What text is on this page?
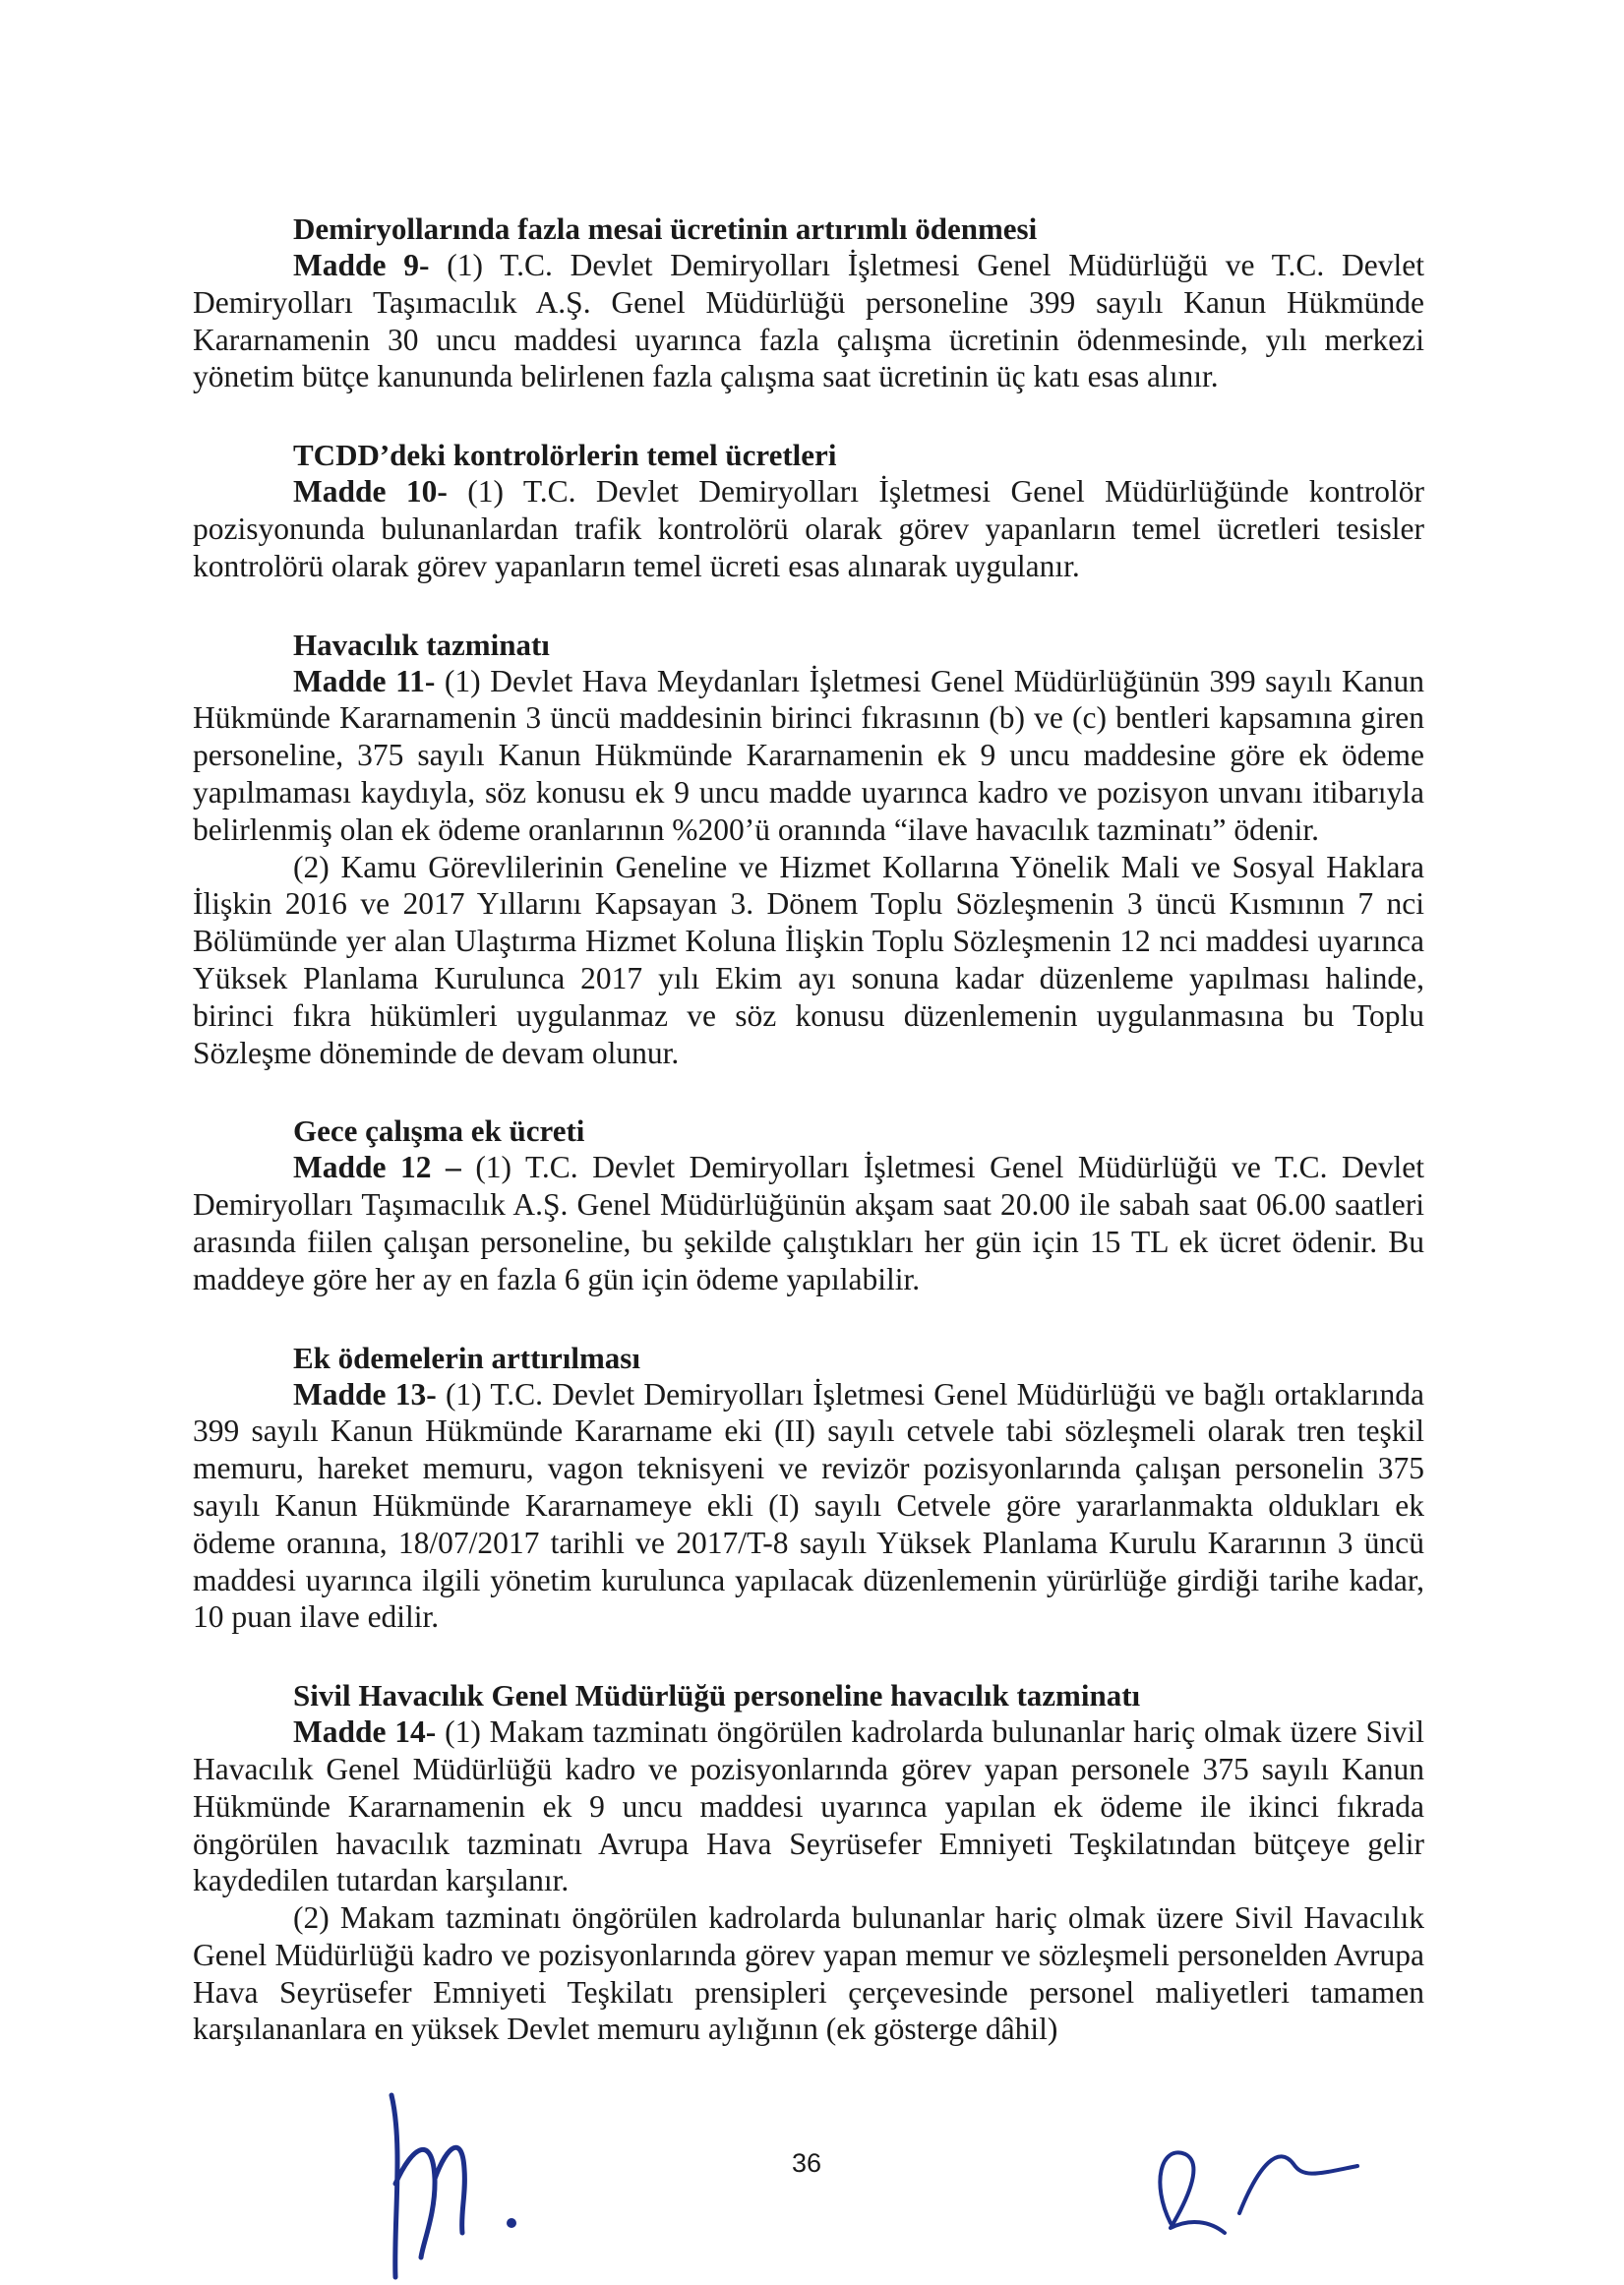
Demiryollarında fazla mesai ücretinin artırımlı ödenmesi

Madde 9- (1) T.C. Devlet Demiryolları İşletmesi Genel Müdürlüğü ve T.C. Devlet Demiryolları Taşımacılık A.Ş. Genel Müdürlüğü personeline 399 sayılı Kanun Hükmünde Kararnamenin 30 uncu maddesi uyarınca fazla çalışma ücretinin ödenmesinde, yılı merkezi yönetim bütçe kanununda belirlenen fazla çalışma saat ücretinin üç katı esas alınır.

TCDD’deki kontrolörlerin temel ücretleri

Madde 10- (1) T.C. Devlet Demiryolları İşletmesi Genel Müdürlüğünde kontrolör pozisyonunda bulunanlardan trafik kontrolörü olarak görev yapanların temel ücretleri tesisler kontrolörü olarak görev yapanların temel ücreti esas alınarak uygulanır.

Havacılık tazminatı

Madde 11- (1) Devlet Hava Meydanları İşletmesi Genel Müdürlüğünün 399 sayılı Kanun Hükmünde Kararnamenin 3 üncü maddesinin birinci fıkrasının (b) ve (c) bentleri kapsamına giren personeline, 375 sayılı Kanun Hükmünde Kararnamenin ek 9 uncu maddesine göre ek ödeme yapılmaması kaydıyla, söz konusu ek 9 uncu madde uyarınca kadro ve pozisyon unvanı itibarıyla belirlenmiş olan ek ödeme oranlarının %200’ü oranında “ilave havacılık tazminatı” ödenir.

(2) Kamu Görevlilerinin Geneline ve Hizmet Kollarına Yönelik Mali ve Sosyal Haklara İlişkin 2016 ve 2017 Yıllarını Kapsayan 3. Dönem Toplu Sözleşmenin 3 üncü Kısmının 7 nci Bölümünde yer alan Ulaştırma Hizmet Koluna İlişkin Toplu Sözleşmenin 12 nci maddesi uyarınca Yüksek Planlama Kurulunca 2017 yılı Ekim ayı sonuna kadar düzenleme yapılması halinde, birinci fıkra hükümleri uygulanmaz ve söz konusu düzenlemenin uygulanmasına bu Toplu Sözleşme döneminde de devam olunur.

Gece çalışma ek ücreti

Madde 12 – (1) T.C. Devlet Demiryolları İşletmesi Genel Müdürlüğü ve T.C. Devlet Demiryolları Taşımacılık A.Ş. Genel Müdürlüğünün akşam saat 20.00 ile sabah saat 06.00 saatleri arasında fiilen çalışan personeline, bu şekilde çalıştıkları her gün için 15 TL ek ücret ödenir. Bu maddeye göre her ay en fazla 6 gün için ödeme yapılabilir.

Ek ödemelerin arttırılması

Madde 13- (1) T.C. Devlet Demiryolları İşletmesi Genel Müdürlüğü ve bağlı ortaklarında 399 sayılı Kanun Hükmünde Kararname eki (II) sayılı cetvele tabi sözleşmeli olarak tren teşkil memuru, hareket memuru, vagon teknisyeni ve revizör pozisyonlarında çalışan personelin 375 sayılı Kanun Hükmünde Kararnameye ekli (I) sayılı Cetvele göre yararlanmakta oldukları ek ödeme oranına, 18/07/2017 tarihli ve 2017/T-8 sayılı Yüksek Planlama Kurulu Kararının 3 üncü maddesi uyarınca ilgili yönetim kurulunca yapılacak düzenlemenin yürürlüğe girdiği tarihe kadar, 10 puan ilave edilir.

Sivil Havacılık Genel Müdürlüğü personeline havacılık tazminatı

Madde 14- (1) Makam tazminatı öngörülen kadrolarda bulunanlar hariç olmak üzere Sivil Havacılık Genel Müdürlüğü kadro ve pozisyonlarında görev yapan personele 375 sayılı Kanun Hükmünde Kararnamenin ek 9 uncu maddesi uyarınca yapılan ek ödeme ile ikinci fıkrada öngörülen havacılık tazminatı Avrupa Hava Seyrüsefer Emniyeti Teşkilatından bütçeye gelir kaydedilen tutardan karşılanır.

(2) Makam tazminatı öngörülen kadrolarda bulunanlar hariç olmak üzere Sivil Havacılık Genel Müdürlüğü kadro ve pozisyonlarında görev yapan memur ve sözleşmeli personelden Avrupa Hava Seyrüsefer Emniyeti Teşkilatı prensipleri çerçevesinde personel maliyetleri tamamen karşılananlara en yüksek Devlet memuru aylığının (ek gösterge dâhil)

36
